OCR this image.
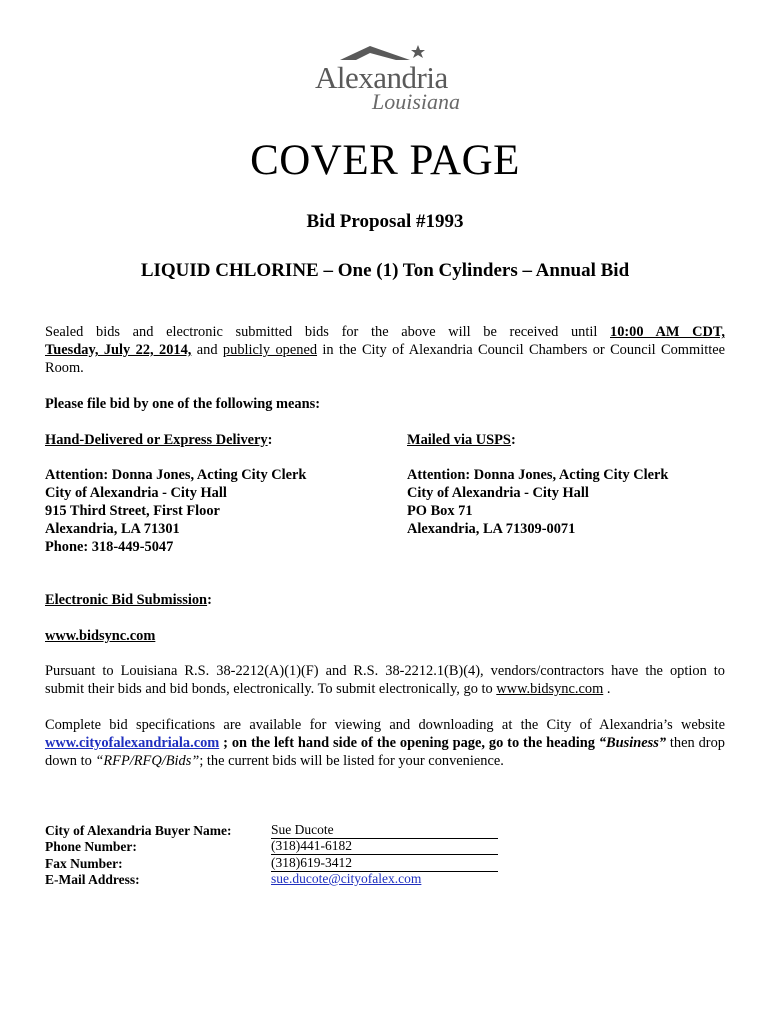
Alexandria
Louisiana
COVER PAGE
Bid Proposal #1993
LIQUID CHLORINE – One (1) Ton Cylinders – Annual Bid
Sealed bids and electronic submitted bids for the above will be received until 10:00 AM CDT,
Tuesday, July 22, 2014, and publicly opened in the City of Alexandria Council Chambers or Council Committee Room.
Please file bid by one of the following means:
Hand-Delivered or Express Delivery:
Attention: Donna Jones, Acting City Clerk
City of Alexandria - City Hall
915 Third Street, First Floor
Alexandria, LA 71301
Phone: 318-449-5047
Mailed via USPS:
Attention: Donna Jones, Acting City Clerk
City of Alexandria - City Hall
PO Box 71
Alexandria, LA 71309-0071
Electronic Bid Submission:
www.bidsync.com
Pursuant to Louisiana R.S. 38-2212(A)(1)(F) and R.S. 38-2212.1(B)(4), vendors/contractors have the option to submit their bids and bid bonds, electronically. To submit electronically, go to www.bidsync.com .
Complete bid specifications are available for viewing and downloading at the City of Alexandria’s website www.cityofalexandriala.com ; on the left hand side of the opening page, go to the heading “Business” then drop down to “RFP/RFQ/Bids”; the current bids will be listed for your convenience.
City of Alexandria Buyer Name:	Sue Ducote
Phone Number:	(318)441-6182
Fax Number:	(318)619-3412
E-Mail Address:	sue.ducote@cityofalex.com
